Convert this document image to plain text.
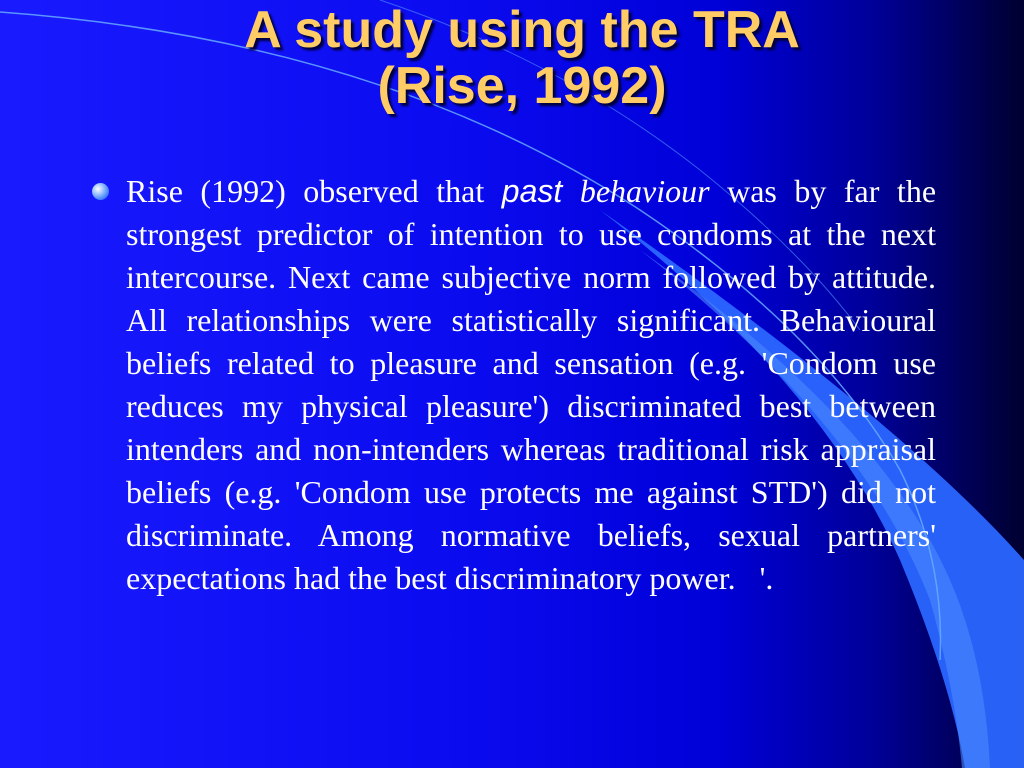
A study using the TRA
(Rise, 1992)
Rise (1992) observed that past behaviour was by far the strongest predictor of intention to use condoms at the next intercourse. Next came subjective norm followed by attitude. All relationships were statistically significant. Behavioural beliefs related to pleasure and sensation (e.g. 'Condom use reduces my physical pleasure') discriminated best between intenders and non-intenders whereas traditional risk appraisal beliefs (e.g. 'Condom use protects me against STD') did not discriminate. Among normative beliefs, sexual partners' expectations had the best discriminatory power.   '.
